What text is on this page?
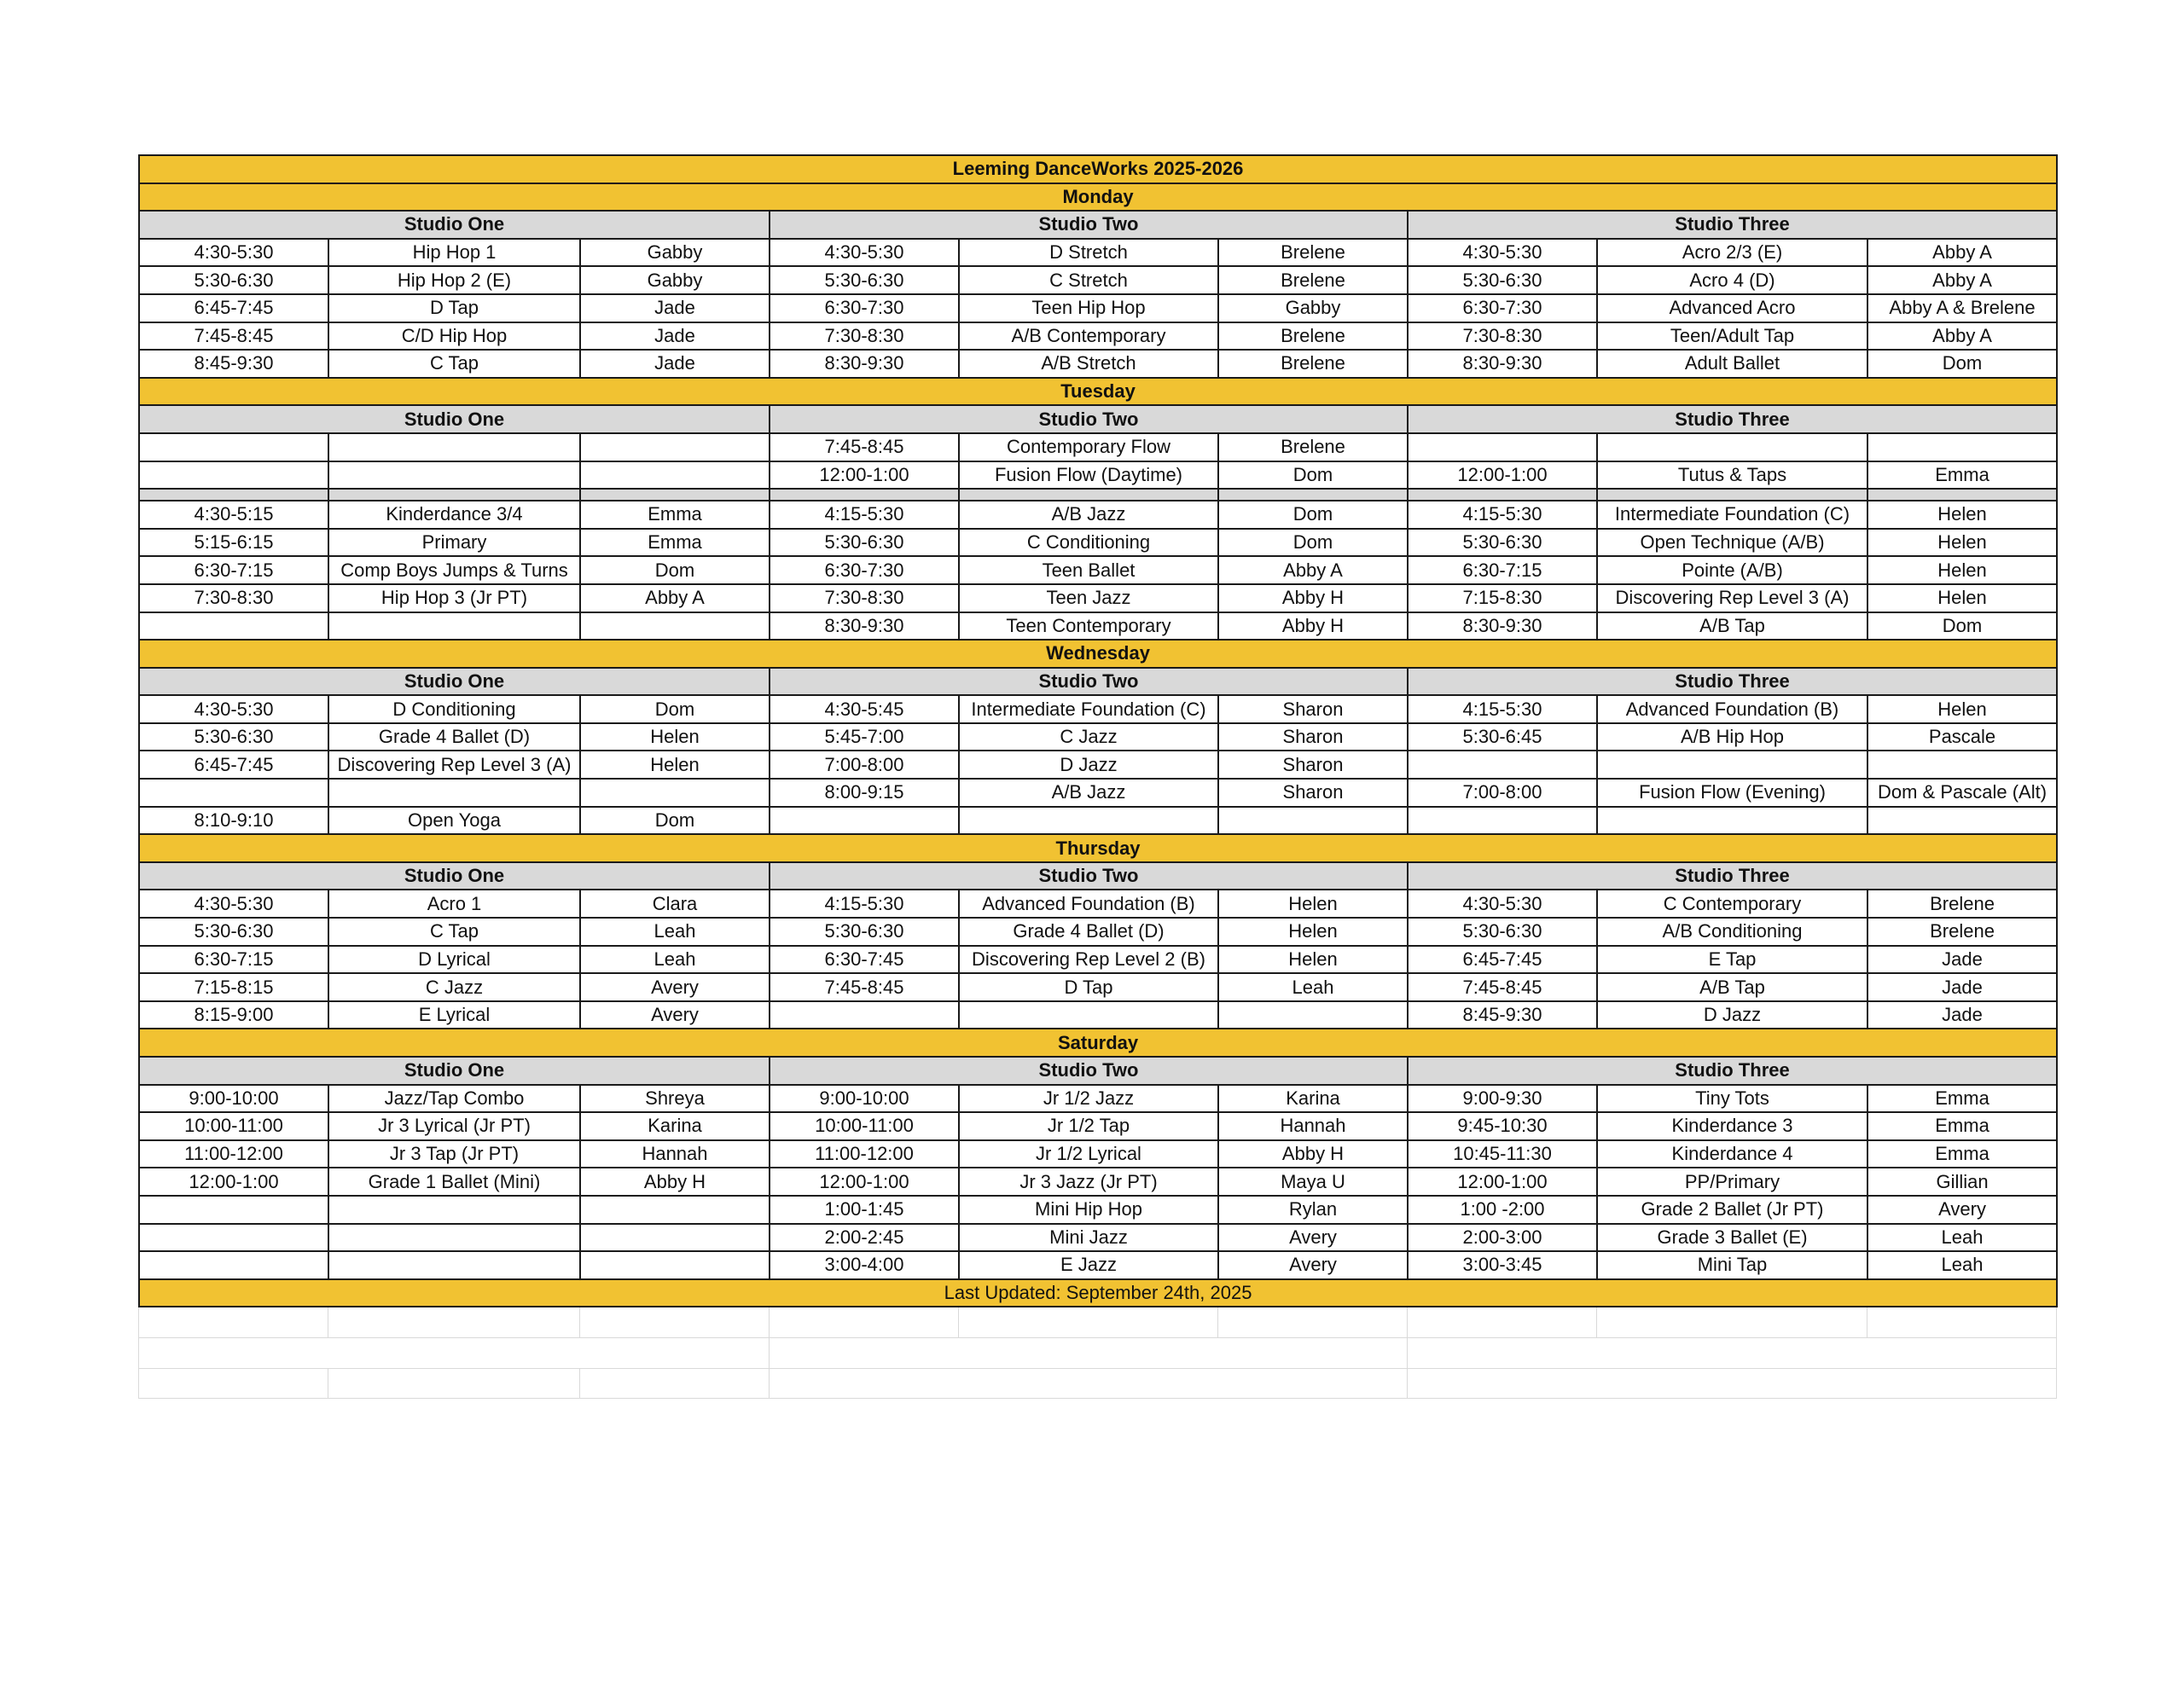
Leeming DanceWorks 2025-2026								
Monday								
Studio One			Studio Two			Studio Three		
4:30-5:30	Hip Hop 1	Gabby	4:30-5:30	D Stretch	Brelene	4:30-5:30	Acro 2/3 (E)	Abby A
5:30-6:30	Hip Hop 2 (E)	Gabby	5:30-6:30	C Stretch	Brelene	5:30-6:30	Acro 4 (D)	Abby A
6:45-7:45	D Tap	Jade	6:30-7:30	Teen Hip Hop	Gabby	6:30-7:30	Advanced Acro	Abby A & Brelene
7:45-8:45	C/D Hip Hop	Jade	7:30-8:30	A/B Contemporary	Brelene	7:30-8:30	Teen/Adult Tap	Abby A
8:45-9:30	C Tap	Jade	8:30-9:30	A/B Stretch	Brelene	8:30-9:30	Adult Ballet	Dom
Tuesday								
Studio One			Studio Two			Studio Three		
			7:45-8:45	Contemporary Flow	Brelene			
			12:00-1:00	Fusion Flow (Daytime)	Dom	12:00-1:00	Tutus & Taps	Emma

4:30-5:15	Kinderdance 3/4	Emma	4:15-5:30	A/B Jazz	Dom	4:15-5:30	Intermediate Foundation (C)	Helen
5:15-6:15	Primary	Emma	5:30-6:30	C Conditioning	Dom	5:30-6:30	Open Technique (A/B)	Helen
6:30-7:15	Comp Boys Jumps & Turns	Dom	6:30-7:30	Teen Ballet	Abby A	6:30-7:15	Pointe (A/B)	Helen
7:30-8:30	Hip Hop 3 (Jr PT)	Abby A	7:30-8:30	Teen Jazz	Abby H	7:15-8:30	Discovering Rep Level 3 (A)	Helen
			8:30-9:30	Teen Contemporary	Abby H	8:30-9:30	A/B Tap	Dom
Wednesday								
Studio One			Studio Two			Studio Three		
4:30-5:30	D Conditioning	Dom	4:30-5:45	Intermediate Foundation (C)	Sharon	4:15-5:30	Advanced Foundation (B)	Helen
5:30-6:30	Grade 4 Ballet (D)	Helen	5:45-7:00	C Jazz	Sharon	5:30-6:45	A/B Hip Hop	Pascale
6:45-7:45	Discovering Rep Level 3 (A)	Helen	7:00-8:00	D Jazz	Sharon			
			8:00-9:15	A/B Jazz	Sharon	7:00-8:00	Fusion Flow (Evening)	Dom & Pascale (Alt)
8:10-9:10	Open Yoga	Dom						
Thursday								
Studio One			Studio Two			Studio Three		
4:30-5:30	Acro 1	Clara	4:15-5:30	Advanced Foundation (B)	Helen	4:30-5:30	C Contemporary	Brelene
5:30-6:30	C Tap	Leah	5:30-6:30	Grade 4 Ballet (D)	Helen	5:30-6:30	A/B Conditioning	Brelene
6:30-7:15	D Lyrical	Leah	6:30-7:45	Discovering Rep Level 2 (B)	Helen	6:45-7:45	E Tap	Jade
7:15-8:15	C Jazz	Avery	7:45-8:45	D Tap	Leah	7:45-8:45	A/B Tap	Jade
8:15-9:00	E Lyrical	Avery				8:45-9:30	D Jazz	Jade
Saturday								
Studio One			Studio Two			Studio Three		
9:00-10:00	Jazz/Tap Combo	Shreya	9:00-10:00	Jr 1/2 Jazz	Karina	9:00-9:30	Tiny Tots	Emma
10:00-11:00	Jr 3 Lyrical (Jr PT)	Karina	10:00-11:00	Jr 1/2 Tap	Hannah	9:45-10:30	Kinderdance 3	Emma
11:00-12:00	Jr 3 Tap (Jr PT)	Hannah	11:00-12:00	Jr 1/2 Lyrical	Abby H	10:45-11:30	Kinderdance 4	Emma
12:00-1:00	Grade 1 Ballet (Mini)	Abby H	12:00-1:00	Jr 3 Jazz (Jr PT)	Maya U	12:00-1:00	PP/Primary	Gillian
			1:00-1:45	Mini Hip Hop	Rylan	1:00 -2:00	Grade 2 Ballet (Jr PT)	Avery
			2:00-2:45	Mini Jazz	Avery	2:00-3:00	Grade 3 Ballet (E)	Leah
			3:00-4:00	E Jazz	Avery	3:00-3:45	Mini Tap	Leah
Last Updated: September 24th, 2025								
